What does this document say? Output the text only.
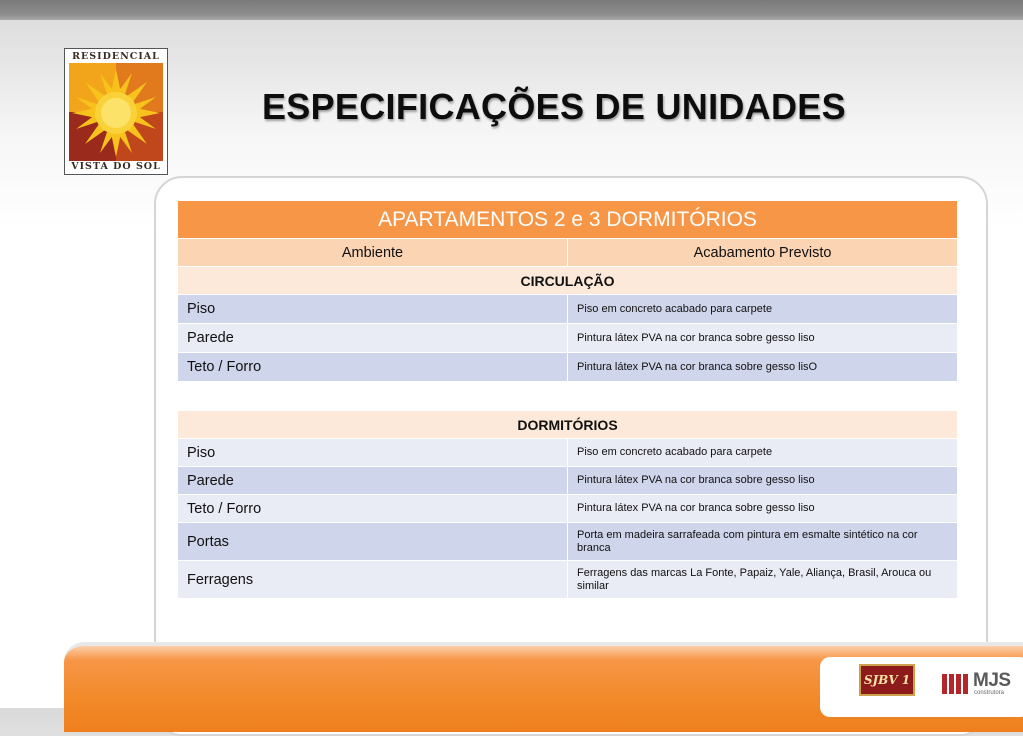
RESIDENCIAL
VISTA DO SOL
ESPECIFICAÇÕES DE UNIDADES
APARTAMENTOS 2 e 3 DORMITÓRIOS	
Ambiente	Acabamento Previsto
CIRCULAÇÃO	
Piso	Piso em concreto acabado para carpete
Parede	Pintura látex PVA na cor branca sobre gesso liso
Teto / Forro	Pintura látex PVA na cor branca sobre gesso lisO
DORMITÓRIOS	
Piso	Piso em concreto acabado para carpete
Parede	Pintura látex PVA na cor branca sobre gesso liso
Teto / Forro	Pintura látex PVA na cor branca sobre gesso liso
Portas	Porta em madeira sarrafeada com pintura em esmalte sintético na cor branca
Ferragens	Ferragens das marcas La Fonte, Papaiz, Yale, Aliança, Brasil, Arouca ou similar
SJBV 1	MJS
construtora
